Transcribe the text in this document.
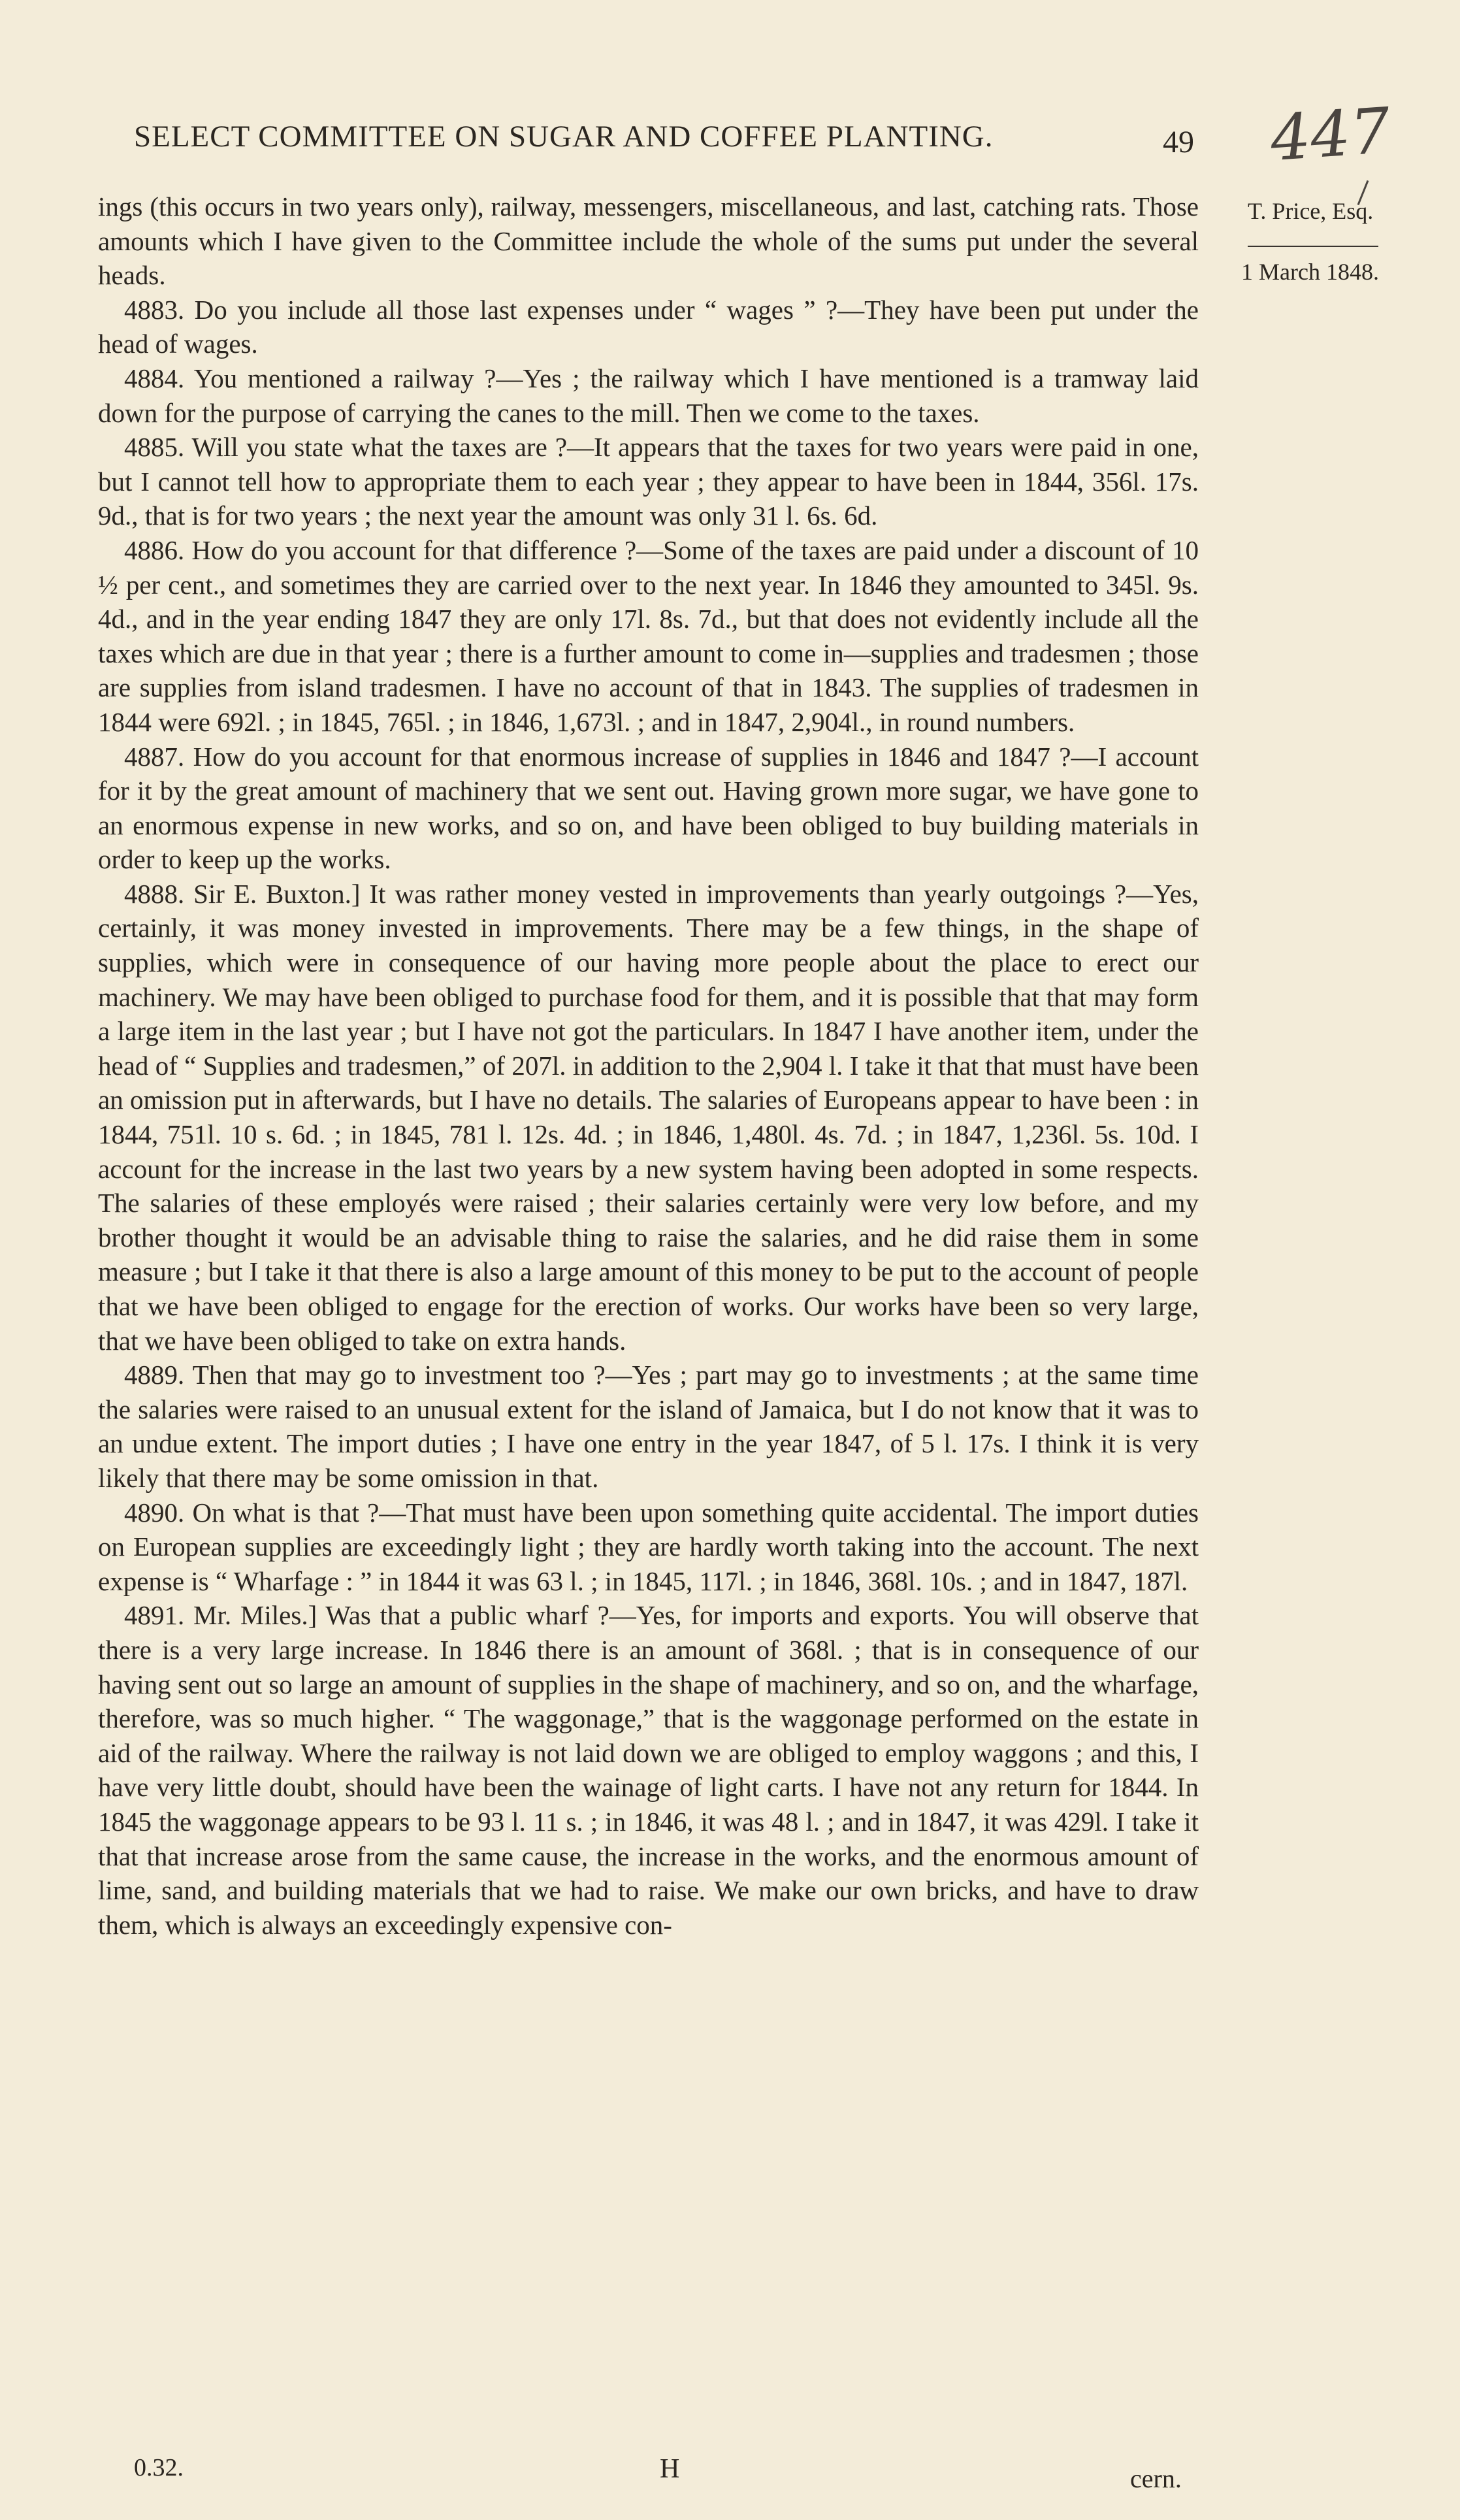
SELECT COMMITTEE ON SUGAR AND COFFEE PLANTING.	49 447
T. Price, Esq.
1 March 1848.

ings (this occurs in two years only), railway, messengers, miscellaneous, and last, catching rats. Those amounts which I have given to the Committee include the whole of the sums put under the several heads.

4883. Do you include all those last expenses under “ wages ” ?—They have been put under the head of wages.

4884. You mentioned a railway ?—Yes ; the railway which I have mentioned is a tramway laid down for the purpose of carrying the canes to the mill. Then we come to the taxes.

4885. Will you state what the taxes are ?—It appears that the taxes for two years were paid in one, but I cannot tell how to appropriate them to each year ; they appear to have been in 1844, 356l. 17s. 9d., that is for two years ; the next year the amount was only 31 l. 6s. 6d.

4886. How do you account for that difference ?—Some of the taxes are paid under a discount of 10 ½ per cent., and sometimes they are carried over to the next year. In 1846 they amounted to 345l. 9s. 4d., and in the year ending 1847 they are only 17l. 8s. 7d., but that does not evidently include all the taxes which are due in that year ; there is a further amount to come in—supplies and tradesmen ; those are supplies from island tradesmen. I have no account of that in 1843. The supplies of tradesmen in 1844 were 692l. ; in 1845, 765l. ; in 1846, 1,673l. ; and in 1847, 2,904l., in round numbers.

4887. How do you account for that enormous increase of supplies in 1846 and 1847 ?—I account for it by the great amount of machinery that we sent out. Having grown more sugar, we have gone to an enormous expense in new works, and so on, and have been obliged to buy building materials in order to keep up the works.

4888. Sir E. Buxton.] It was rather money vested in improvements than yearly outgoings ?—Yes, certainly, it was money invested in improvements. There may be a few things, in the shape of supplies, which were in consequence of our having more people about the place to erect our machinery. We may have been obliged to purchase food for them, and it is possible that that may form a large item in the last year ; but I have not got the particulars. In 1847 I have another item, under the head of “ Supplies and tradesmen,” of 207l. in addition to the 2,904 l. I take it that that must have been an omission put in afterwards, but I have no details. The salaries of Europeans appear to have been : in 1844, 751l. 10 s. 6d. ; in 1845, 781 l. 12s. 4d. ; in 1846, 1,480l. 4s. 7d. ; in 1847, 1,236l. 5s. 10d. I account for the increase in the last two years by a new system having been adopted in some respects. The salaries of these employés were raised ; their salaries certainly were very low before, and my brother thought it would be an advisable thing to raise the salaries, and he did raise them in some measure ; but I take it that there is also a large amount of this money to be put to the account of people that we have been obliged to engage for the erection of works. Our works have been so very large, that we have been obliged to take on extra hands.

4889. Then that may go to investment too ?—Yes ; part may go to investments ; at the same time the salaries were raised to an unusual extent for the island of Jamaica, but I do not know that it was to an undue extent. The import duties ; I have one entry in the year 1847, of 5 l. 17s. I think it is very likely that there may be some omission in that.

4890. On what is that ?—That must have been upon something quite accidental. The import duties on European supplies are exceedingly light ; they are hardly worth taking into the account. The next expense is “ Wharfage : ” in 1844 it was 63 l. ; in 1845, 117l. ; in 1846, 368l. 10s. ; and in 1847, 187l.

4891. Mr. Miles.] Was that a public wharf ?—Yes, for imports and exports. You will observe that there is a very large increase. In 1846 there is an amount of 368l. ; that is in consequence of our having sent out so large an amount of supplies in the shape of machinery, and so on, and the wharfage, therefore, was so much higher. “ The waggonage,” that is the waggonage performed on the estate in aid of the railway. Where the railway is not laid down we are obliged to employ waggons ; and this, I have very little doubt, should have been the wainage of light carts. I have not any return for 1844. In 1845 the waggonage appears to be 93 l. 11 s. ; in 1846, it was 48 l. ; and in 1847, it was 429l. I take it that that increase arose from the same cause, the increase in the works, and the enormous amount of lime, sand, and building materials that we had to raise. We make our own bricks, and have to draw them, which is always an exceedingly expensive con-

0.32.	H	cern.
